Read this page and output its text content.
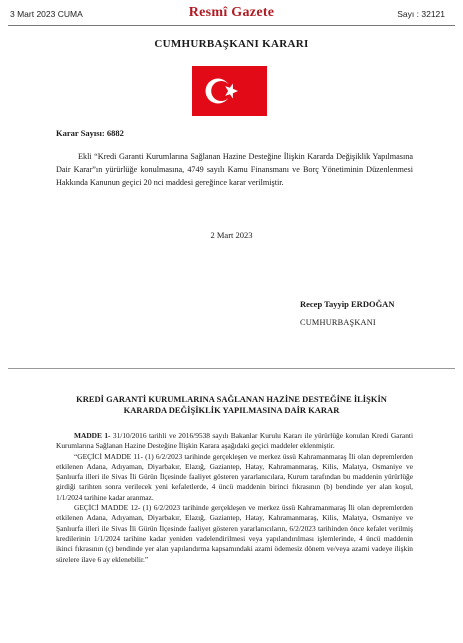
3 Mart 2023 CUMA	Resmî Gazete	Sayı : 32121
CUMHURBAŞKANI KARARI
Karar Sayısı: 6882
Ekli “Kredi Garanti Kurumlarına Sağlanan Hazine Desteğine İlişkin Kararda Değişiklik Yapılmasına Dair Karar”ın yürürlüğe konulmasına, 4749 sayılı Kamu Finansmanı ve Borç Yönetiminin Düzenlenmesi Hakkında Kanunun geçici 20 nci maddesi gereğince karar verilmiştir.
2 Mart 2023
Recep Tayyip ERDOĞAN
CUMHURBAŞKANI
KREDİ GARANTİ KURUMLARINA SAĞLANAN HAZİNE DESTEĞİNE İLİŞKİN
KARARDA DEĞİŞİKLİK YAPILMASINA DAİR KARAR

MADDE 1- 31/10/2016 tarihli ve 2016/9538 sayılı Bakanlar Kurulu Kararı ile yürürlüğe konulan Kredi Garanti Kurumlarına Sağlanan Hazine Desteğine İlişkin Karara aşağıdaki geçici maddeler eklenmiştir.

“GEÇİCİ MADDE 11- (1) 6/2/2023 tarihinde gerçekleşen ve merkez üssü Kahramanmaraş İli olan depremlerden etkilenen Adana, Adıyaman, Diyarbakır, Elazığ, Gaziantep, Hatay, Kahramanmaraş, Kilis, Malatya, Osmaniye ve Şanlıurfa illeri ile Sivas İli Gürün İlçesinde faaliyet gösteren yararlanıcılara, Kurum tarafından bu maddenin yürürlüğe girdiği tarihten sonra verilecek yeni kefaletlerde, 4 üncü maddenin birinci fıkrasının (b) bendinde yer alan koşul, 1/1/2024 tarihine kadar aranmaz.

GEÇİCİ MADDE 12- (1) 6/2/2023 tarihinde gerçekleşen ve merkez üssü Kahramanmaraş İli olan depremlerden etkilenen Adana, Adıyaman, Diyarbakır, Elazığ, Gaziantep, Hatay, Kahramanmaraş, Kilis, Malatya, Osmaniye ve Şanlıurfa illeri ile Sivas İli Gürün İlçesinde faaliyet gösteren yararlanıcıların, 6/2/2023 tarihinden önce kefalet verilmiş kredilerinin 1/1/2024 tarihine kadar yeniden vadelendirilmesi veya yapılandırılması işlemlerinde, 4 üncü maddenin ikinci fıkrasının (ç) bendinde yer alan yapılandırma kapsamındaki azami ödemesiz dönem ve/veya azami vadeye ilişkin sürelere ilave 6 ay eklenebilir.”
